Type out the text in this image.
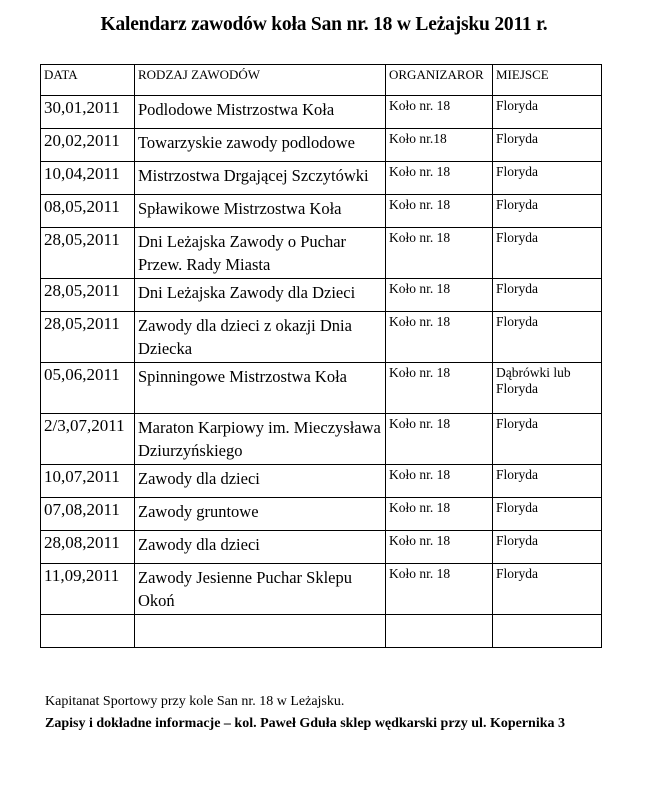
Kalendarz zawodów koła San nr. 18 w Leżajsku 2011 r.
DATA	RODZAJ ZAWODÓW	ORGANIZAROR	MIEJSCE
30,01,2011	Podlodowe Mistrzostwa Koła	Koło nr. 18	Floryda
20,02,2011	Towarzyskie zawody podlodowe	Koło nr.18	Floryda
10,04,2011	Mistrzostwa Drgającej Szczytówki	Koło nr. 18	Floryda
08,05,2011	Spławikowe Mistrzostwa Koła	Koło nr. 18	Floryda
28,05,2011	Dni Leżajska Zawody o Puchar Przew. Rady Miasta	Koło nr. 18	Floryda
28,05,2011	Dni Leżajska Zawody dla Dzieci	Koło nr. 18	Floryda
28,05,2011	Zawody dla dzieci z okazji Dnia Dziecka	Koło nr. 18	Floryda
05,06,2011	Spinningowe Mistrzostwa Koła	Koło nr. 18	Dąbrówki lub Floryda
2/3,07,2011	Maraton Karpiowy im. Mieczysława Dziurzyńskiego	Koło nr. 18	Floryda
10,07,2011	Zawody dla dzieci	Koło nr. 18	Floryda
07,08,2011	Zawody gruntowe	Koło nr. 18	Floryda
28,08,2011	Zawody dla dzieci	Koło nr. 18	Floryda
11,09,2011	Zawody Jesienne Puchar Sklepu Okoń	Koło nr. 18	Floryda

Kapitanat Sportowy przy kole San nr. 18 w Leżajsku.
Zapisy i dokładne informacje – kol. Paweł Gduła sklep wędkarski przy ul. Kopernika 3
